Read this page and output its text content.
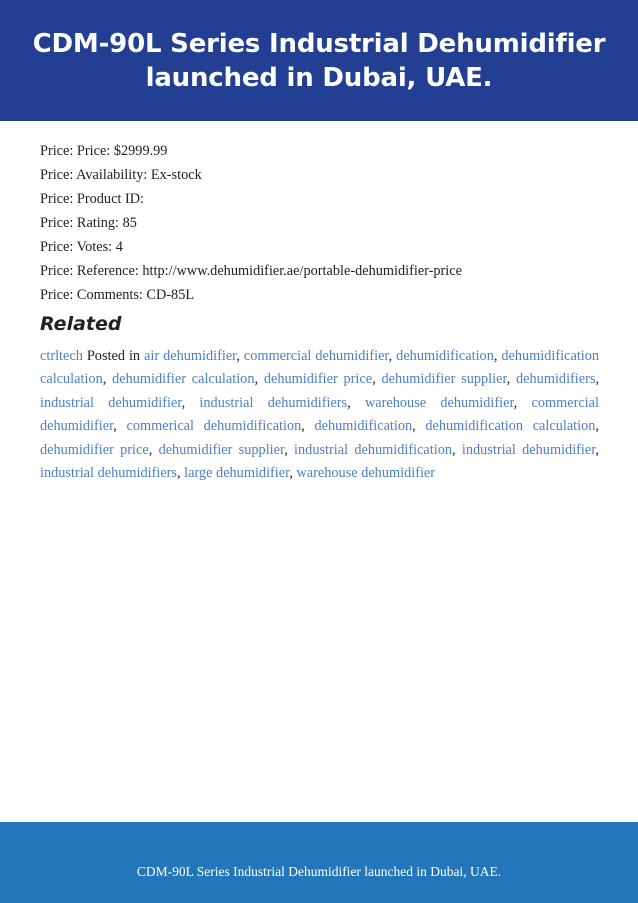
CDM-90L Series Industrial Dehumidifier launched in Dubai, UAE.
Price: Price: $2999.99
Price: Availability: Ex-stock
Price: Product ID:
Price: Rating: 85
Price: Votes: 4
Price: Reference: http://www.dehumidifier.ae/portable-dehumidifier-price
Price: Comments: CD-85L
Related
ctrltech Posted in air dehumidifier, commercial dehumidifier, dehumidification, dehumidification calculation, dehumidifier calculation, dehumidifier price, dehumidifier supplier, dehumidifiers, industrial dehumidifier, industrial dehumidifiers, warehouse dehumidifier, commercial dehumidifier, commerical dehumidification, dehumidification, dehumidification calculation, dehumidifier price, dehumidifier supplier, industrial dehumidification, industrial dehumidifier, industrial dehumidifiers, large dehumidifier, warehouse dehumidifier
CDM-90L Series Industrial Dehumidifier launched in Dubai, UAE.
